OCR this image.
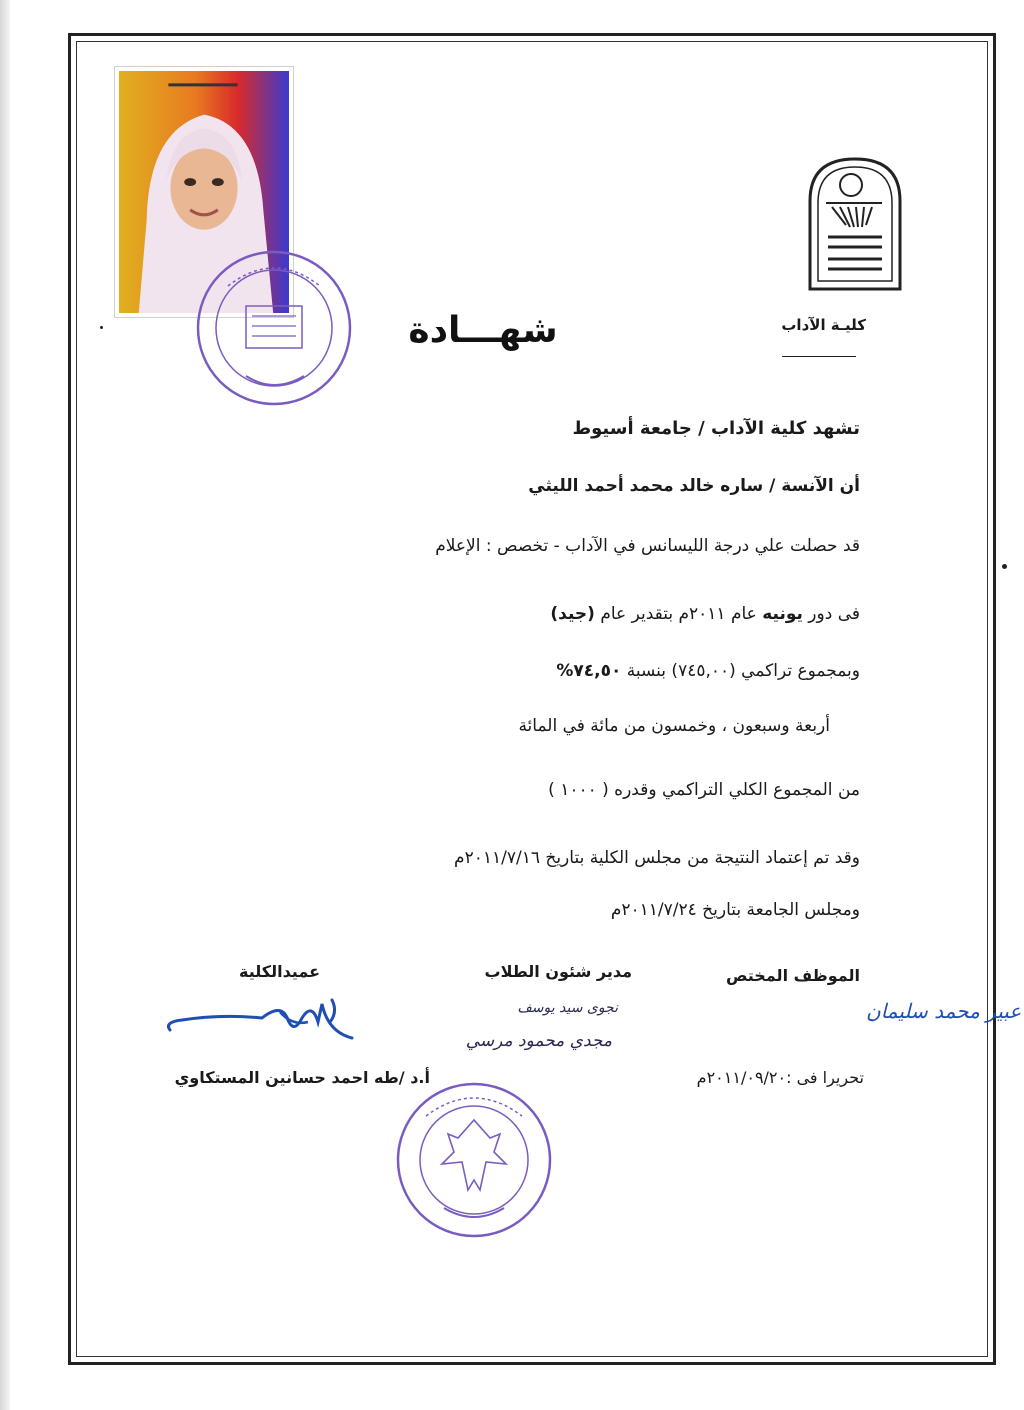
كليـة الآداب
شهـــادة
تشهد كلية الآداب / جامعة أسيوط
أن الآنسة / ساره خالد محمد أحمد الليثي
قد حصلت علي درجة الليسانس في الآداب - تخصص : الإعلام
فى دور يونيه عام ٢٠١١م بتقدير عام (جيد)
وبمجموع تراكمي (٧٤٥,٠٠) بنسبة ٧٤,٥٠%
أربعة وسبعون ، وخمسون من مائة في المائة
من المجموع الكلي التراكمي وقدره ( ١٠٠٠ )
وقد تم إعتماد النتيجة من مجلس الكلية بتاريخ ٢٠١١/٧/١٦م
ومجلس الجامعة بتاريخ ٢٠١١/٧/٢٤م
الموظف المختص
مدير شئون الطلاب
عميدالكلية
عبير محمد سليمان
نجوى سيد يوسف
مجدي محمود مرسي
تحريرا فى :٢٠١١/٠٩/٢٠م
أ.د /طه احمد حسانين المستكاوي
